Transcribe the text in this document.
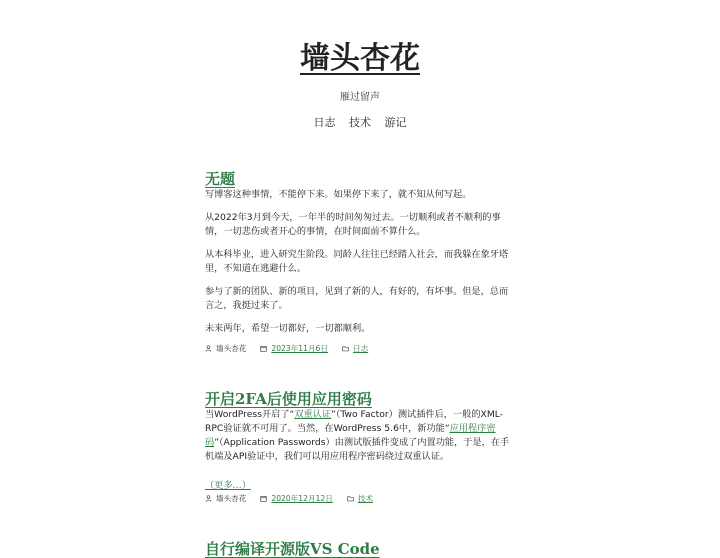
墙头杏花
雁过留声
日志 技术 游记
无题

写博客这种事情，不能停下来。如果停下来了，就不知从何写起。

从2022年3月到今天，一年半的时间匆匆过去。一切顺利或者不顺利的事情，一切悲伤或者开心的事情，在时间面前不算什么。

从本科毕业，进入研究生阶段。同龄人往往已经踏入社会，而我躲在象牙塔里，不知道在逃避什么。

参与了新的团队、新的项目，见到了新的人，有好的，有坏事。但是，总而言之，我挺过来了。

未来两年，希望一切都好，一切都顺利。

墙头杏花	2023年11月6日	日志
开启2FA后使用应用密码

当WordPress开启了“双重认证”（Two Factor）测试插件后，一般的XML-RPC验证就不可用了。当然，在WordPress 5.6中，新功能“应用程序密码”（Application Passwords）由测试版插件变成了内置功能，于是，在手机端及API验证中，我们可以用应用程序密码绕过双重认证。

（更多…）
墙头杏花	2020年12月12日	技术
自行编译开源版VS Code
